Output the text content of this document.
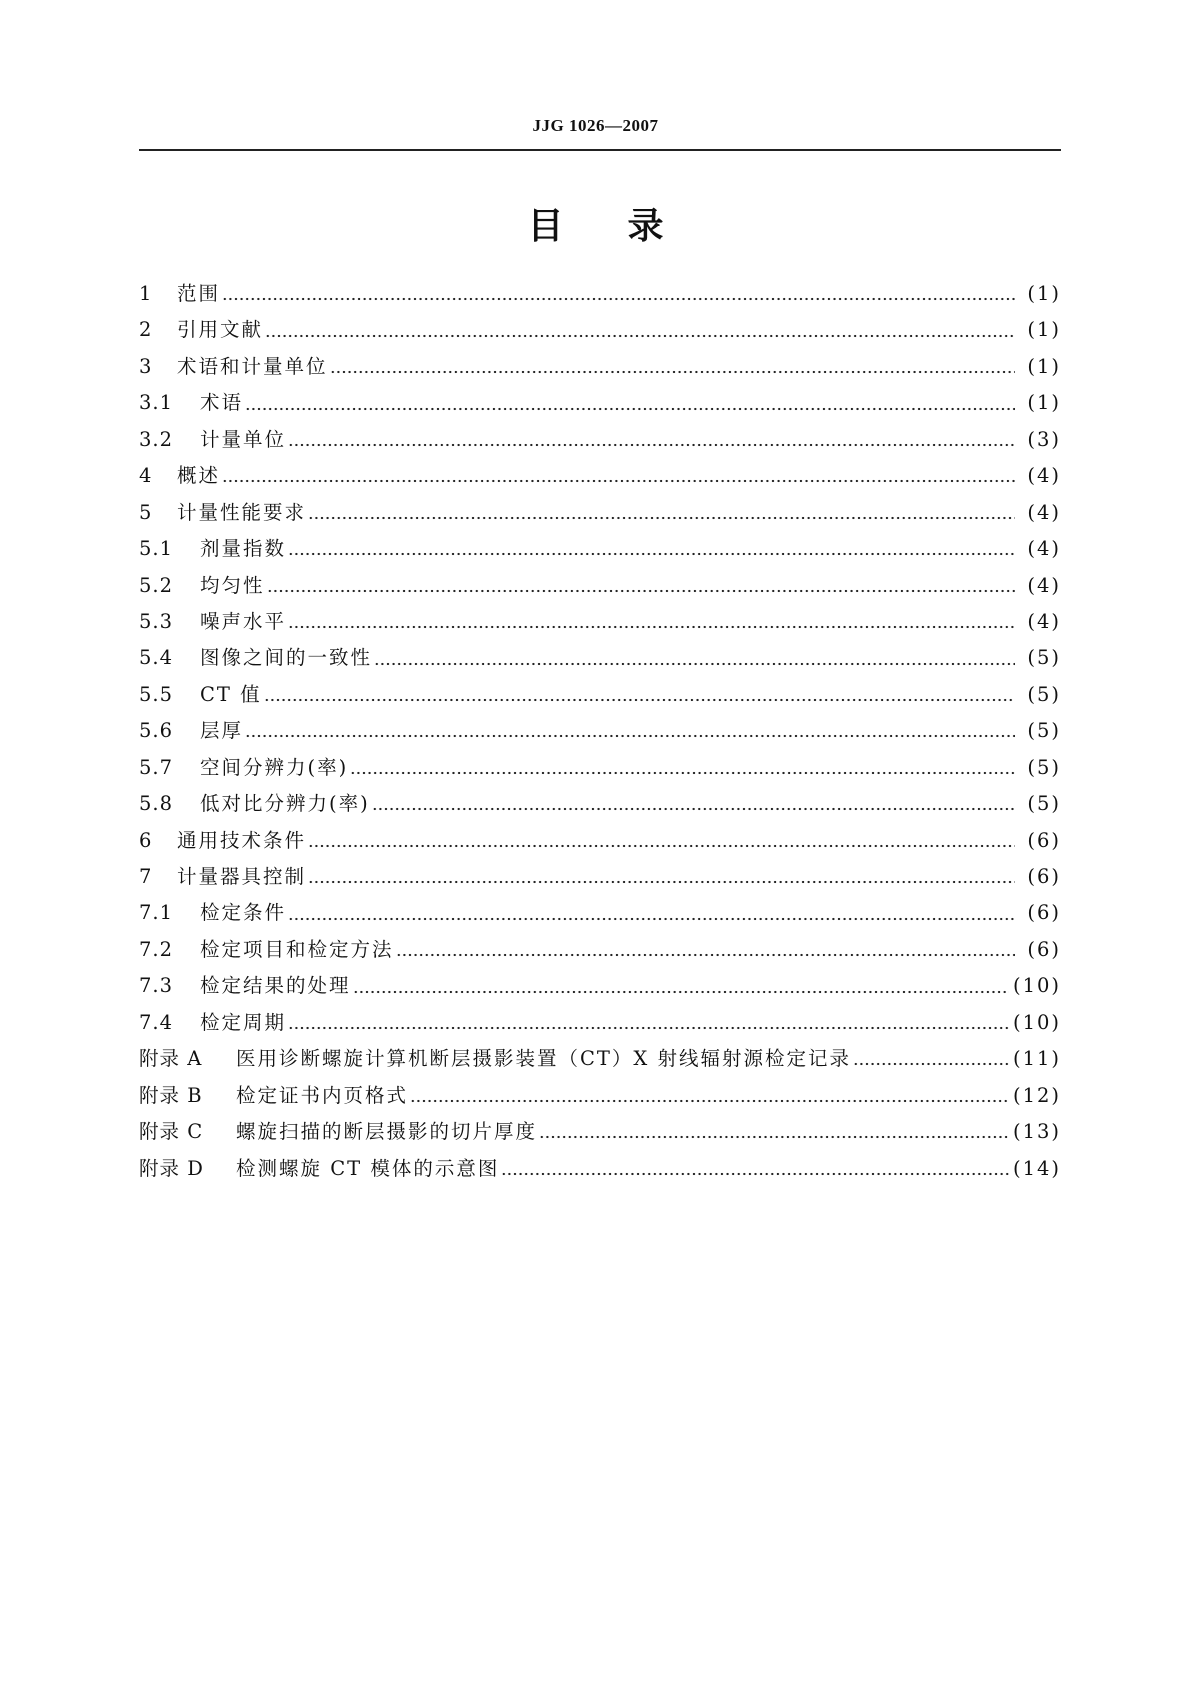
JJG 1026—2007
目 录
1	范围	(1)
2	引用文献	(1)
3	术语和计量单位	(1)
3.1	术语	(1)
3.2	计量单位	(3)
4	概述	(4)
5	计量性能要求	(4)
5.1	剂量指数	(4)
5.2	均匀性	(4)
5.3	噪声水平	(4)
5.4	图像之间的一致性	(5)
5.5	CT 值	(5)
5.6	层厚	(5)
5.7	空间分辨力(率)	(5)
5.8	低对比分辨力(率)	(5)
6	通用技术条件	(6)
7	计量器具控制	(6)
7.1	检定条件	(6)
7.2	检定项目和检定方法	(6)
7.3	检定结果的处理	(10)
7.4	检定周期	(10)
附录 A	医用诊断螺旋计算机断层摄影装置（CT）X 射线辐射源检定记录	(11)
附录 B	检定证书内页格式	(12)
附录 C	螺旋扫描的断层摄影的切片厚度	(13)
附录 D	检测螺旋 CT 模体的示意图	(14)
